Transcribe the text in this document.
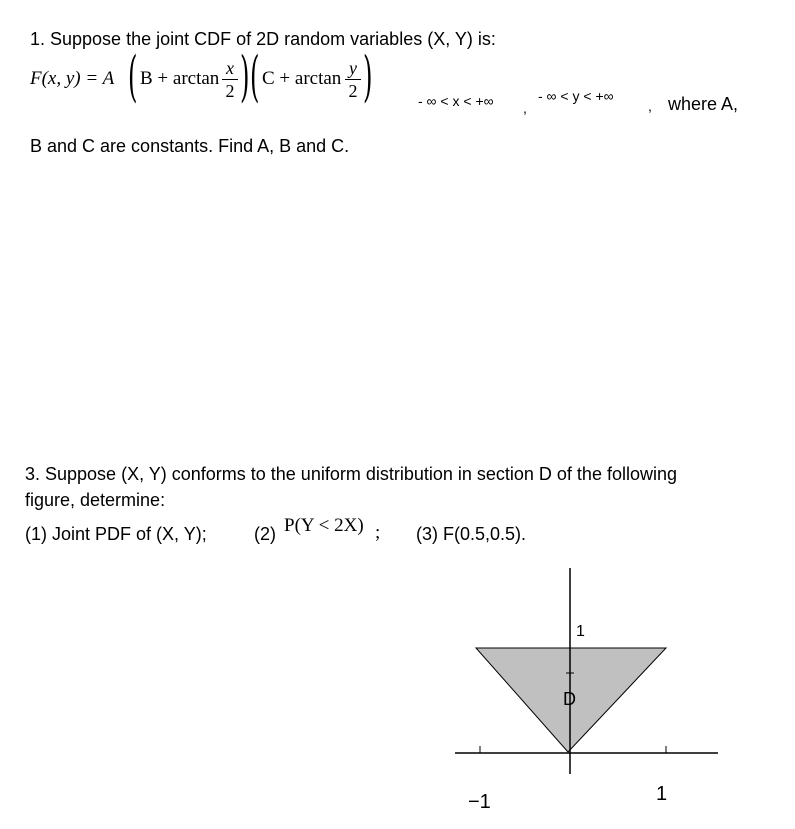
1. Suppose the joint CDF of 2D random variables (X, Y) is:
F(x, y) = A ( B + arctan x
2 ) ( C + arctan y
2 )	- ∞ < x < +∞ ,
- ∞ < y < +∞
, where A,
B and C are constants. Find A, B and C.
3. Suppose (X, Y) conforms to the uniform distribution in section D of the following
figure, determine:
(1) Joint PDF of (X, Y);	(2) P(Y < 2X) ; (3) F(0.5,0.5).
1
D
−1	1
